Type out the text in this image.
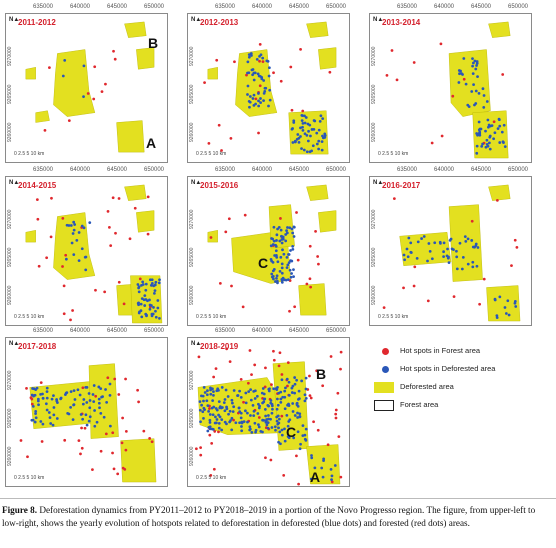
2011-2012
N▲
0 2.5 5 10 km
9270000
9265000
9260000
B
A
2012-2013
N▲
0 2.5 5 10 km
9270000
9265000
9260000
2013-2014
N▲
0 2.5 5 10 km
9270000
9265000
9260000
2014-2015
N▲
0 2.5 5 10 km
9270000
9265000
9260000
2015-2016
N▲
0 2.5 5 10 km
9270000
9265000
9260000
C
2016-2017
N▲
0 2.5 5 10 km
9270000
9265000
9260000
2017-2018
N▲
0 2.5 5 10 km
9270000
9265000
9260000
2018-2019
N▲
0 2.5 5 10 km
9270000
9265000
9260000
B
C
A
Hot spots in Forest area
Hot spots in Deforested area
Deforested area
Forest area
Figure 8. Deforestation dynamics from PY2011–2012 to PY2018–2019 in a portion of the Novo Progresso region. The figure, from upper-left to low-right, shows the yearly evolution of hotspots related to deforestation in deforested (blue dots) and forested (red dots) areas.
635000	640000	645000	650000	635000	640000	645000	650000	635000	640000	645000	650000
635000	640000	645000	650000	635000	640000	645000	650000	635000	640000	645000	650000
635000	640000	645000	650000	635000	640000	645000	650000
